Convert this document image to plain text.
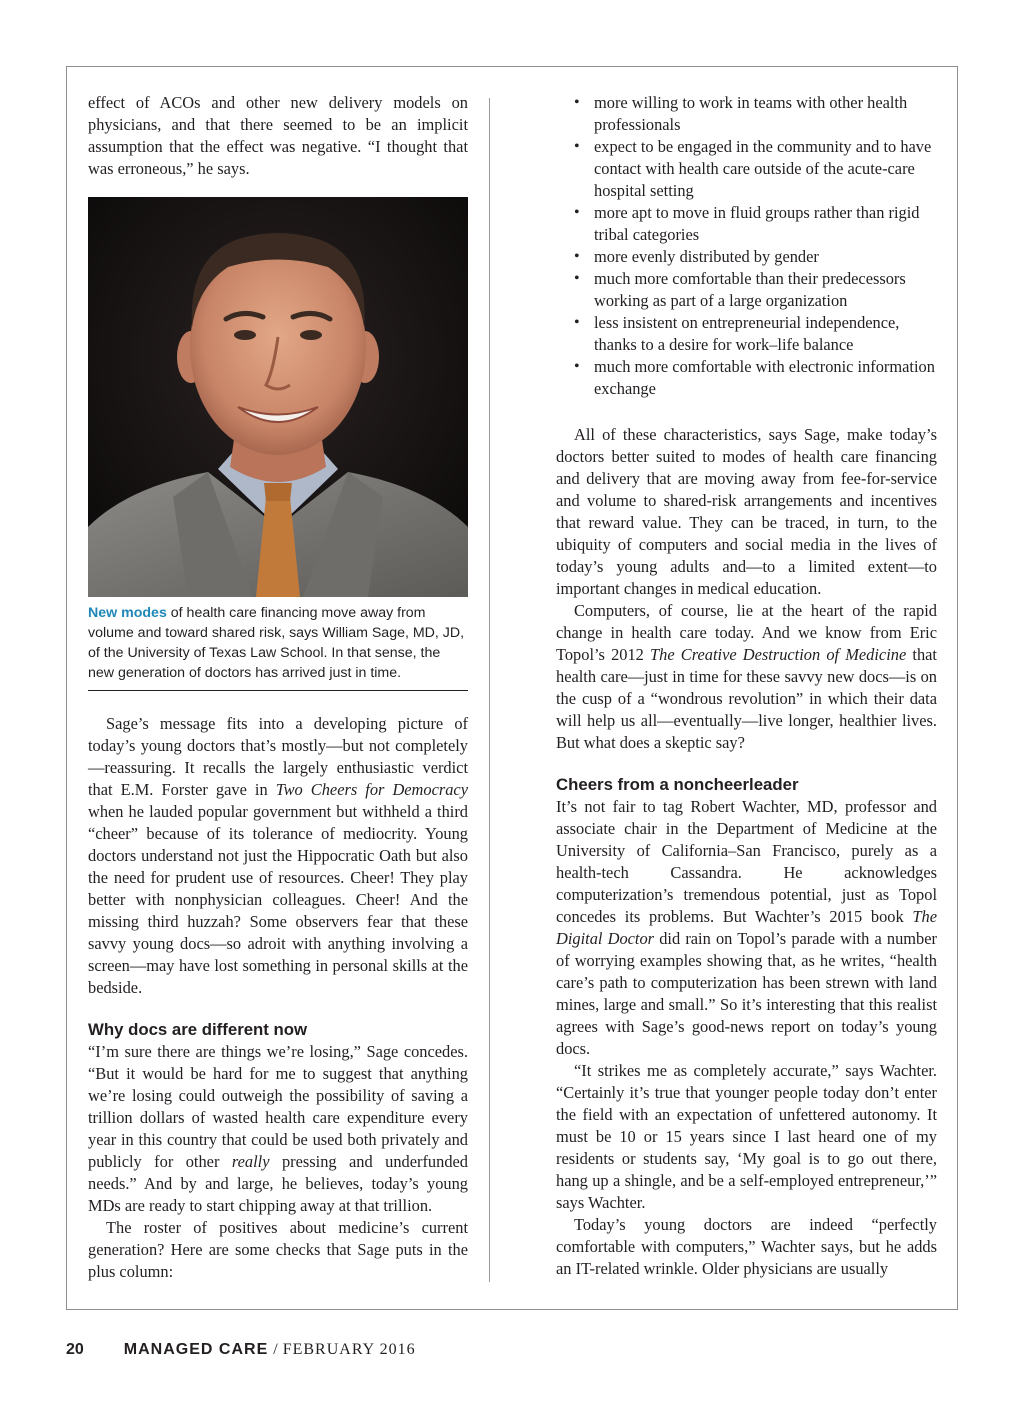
effect of ACOs and other new delivery models on physicians, and that there seemed to be an implicit assumption that the effect was negative. “I thought that was erroneous,” he says.

New modes of health care financing move away from volume and toward shared risk, says William Sage, MD, JD, of the University of Texas Law School. In that sense, the new generation of doctors has arrived just in time.

Sage’s message fits into a developing picture of today’s young doctors that’s mostly—but not completely—reassuring. It recalls the largely enthusiastic verdict that E.M. Forster gave in Two Cheers for Democracy when he lauded popular government but withheld a third “cheer” because of its tolerance of mediocrity. Young doctors understand not just the Hippocratic Oath but also the need for prudent use of resources. Cheer! They play better with nonphysician colleagues. Cheer! And the missing third huzzah? Some observers fear that these savvy young docs—so adroit with anything involving a screen—may have lost something in personal skills at the bedside.

Why docs are different now

“I’m sure there are things we’re losing,” Sage concedes. “But it would be hard for me to suggest that anything we’re losing could outweigh the possibility of saving a trillion dollars of wasted health care expenditure every year in this country that could be used both privately and publicly for other really pressing and underfunded needs.” And by and large, he believes, today’s young MDs are ready to start chipping away at that trillion.

The roster of positives about medicine’s current generation? Here are some checks that Sage puts in the plus column:

• more willing to work in teams with other health professionals
• expect to be engaged in the community and to have contact with health care outside of the acute-care hospital setting
• more apt to move in fluid groups rather than rigid tribal categories
• more evenly distributed by gender
• much more comfortable than their predecessors working as part of a large organization
• less insistent on entrepreneurial independence, thanks to a desire for work–life balance
• much more comfortable with electronic information exchange

All of these characteristics, says Sage, make today’s doctors better suited to modes of health care financing and delivery that are moving away from fee-for-service and volume to shared-risk arrangements and incentives that reward value. They can be traced, in turn, to the ubiquity of computers and social media in the lives of today’s young adults and—to a limited extent—to important changes in medical education.

Computers, of course, lie at the heart of the rapid change in health care today. And we know from Eric Topol’s 2012 The Creative Destruction of Medicine that health care—just in time for these savvy new docs—is on the cusp of a “wondrous revolution” in which their data will help us all—eventually—live longer, healthier lives. But what does a skeptic say?

Cheers from a noncheerleader

It’s not fair to tag Robert Wachter, MD, professor and associate chair in the Department of Medicine at the University of California–San Francisco, purely as a health-tech Cassandra. He acknowledges computerization’s tremendous potential, just as Topol concedes its problems. But Wachter’s 2015 book The Digital Doctor did rain on Topol’s parade with a number of worrying examples showing that, as he writes, “health care’s path to computerization has been strewn with land mines, large and small.” So it’s interesting that this realist agrees with Sage’s good-news report on today’s young docs.

“It strikes me as completely accurate,” says Wachter. “Certainly it’s true that younger people today don’t enter the field with an expectation of unfettered autonomy. It must be 10 or 15 years since I last heard one of my residents or students say, ‘My goal is to go out there, hang up a shingle, and be a self-employed entrepreneur,’” says Wachter.

Today’s young doctors are indeed “perfectly comfortable with computers,” Wachter says, but he adds an IT-related wrinkle. Older physicians are usually

20	MANAGED CARE / FEBRUARY 2016
